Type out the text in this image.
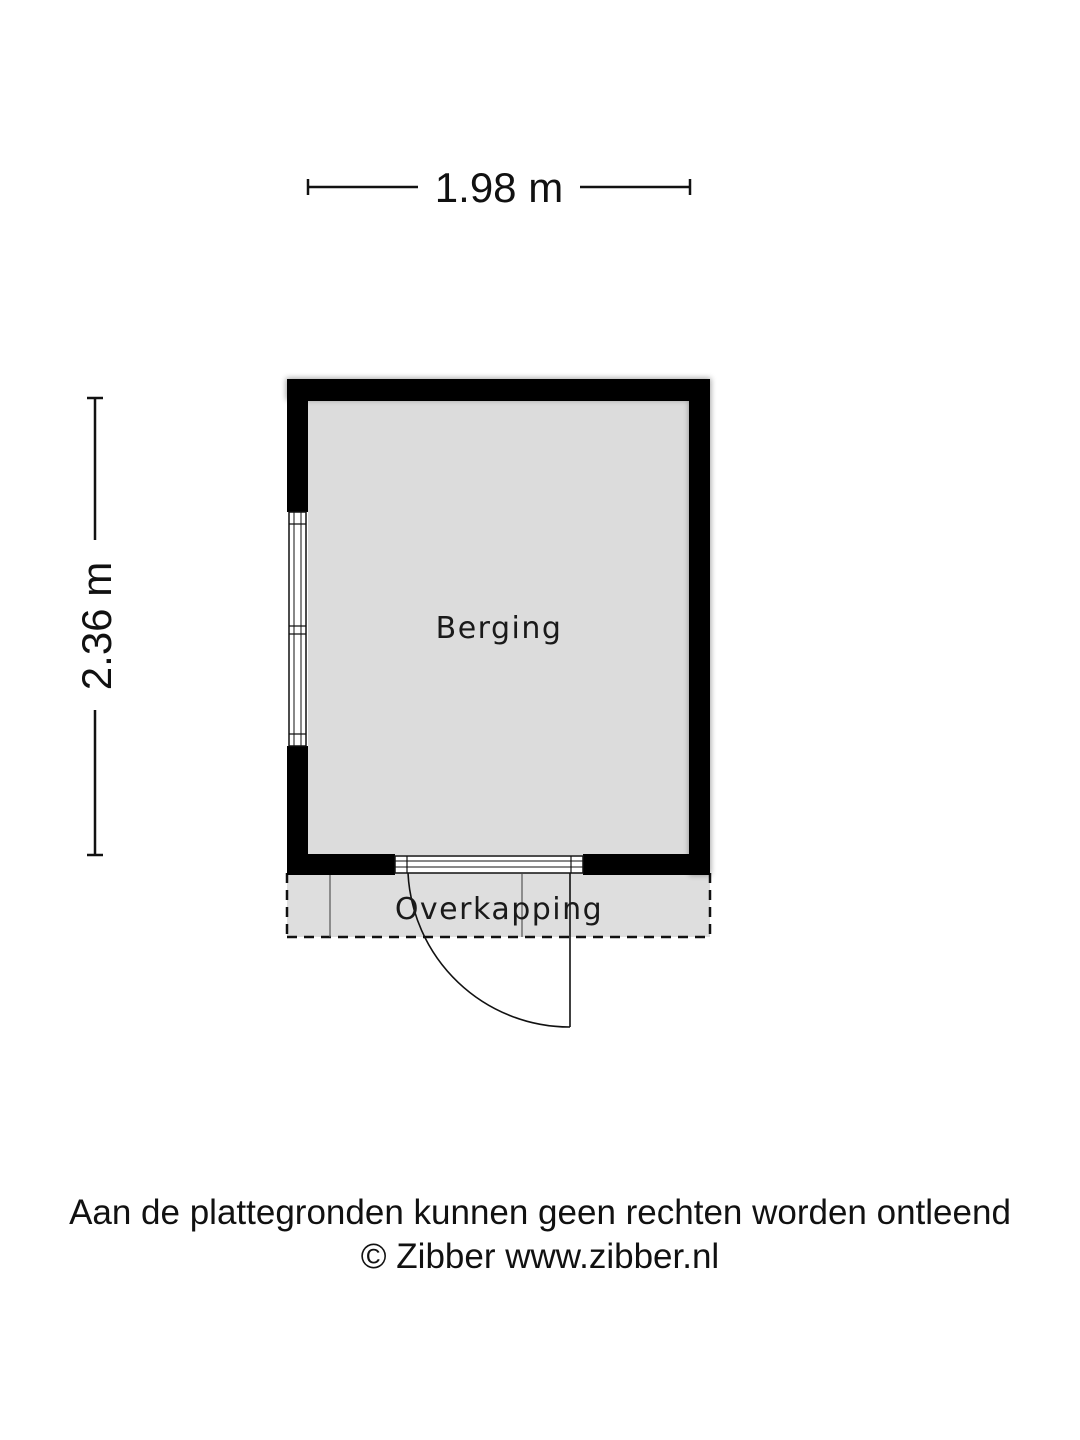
1.98 m
2.36 m	Berging
Overkapping
Aan de plattegronden kunnen geen rechten worden ontleend
© Zibber www.zibber.nl
